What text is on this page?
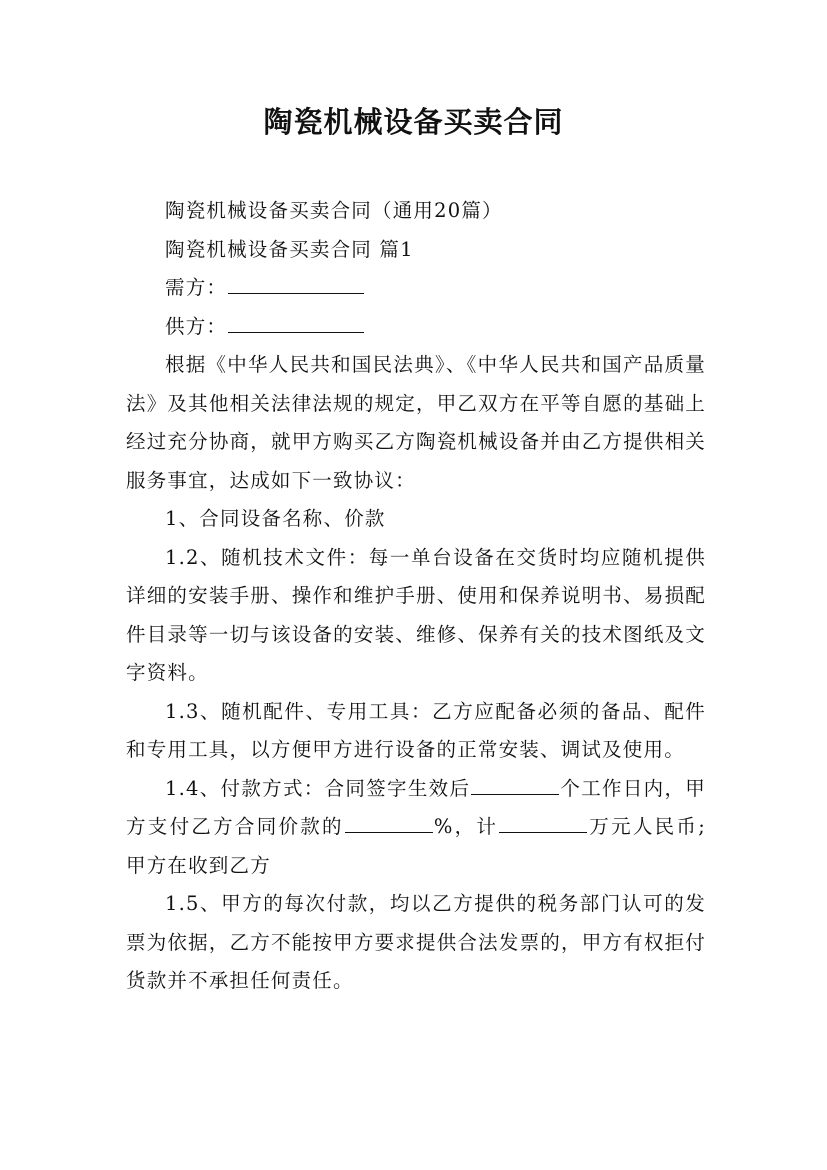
陶瓷机械设备买卖合同

陶瓷机械设备买卖合同（通用20篇）

陶瓷机械设备买卖合同 篇1

需方：

供方：

根据《中华人民共和国民法典》、《中华人民共和国产品质量法》及其他相关法律法规的规定，甲乙双方在平等自愿的基础上经过充分协商，就甲方购买乙方陶瓷机械设备并由乙方提供相关服务事宜，达成如下一致协议：

1、合同设备名称、价款

1.2、随机技术文件：每一单台设备在交货时均应随机提供详细的安装手册、操作和维护手册、使用和保养说明书、易损配件目录等一切与该设备的安装、维修、保养有关的技术图纸及文字资料。

1.3、随机配件、专用工具：乙方应配备必须的备品、配件和专用工具，以方便甲方进行设备的正常安装、调试及使用。

1.4、付款方式：合同签字生效后	个工作日内，甲方支付乙方合同价款的	%，计	万元人民币;甲方在收到乙方

1.5、甲方的每次付款，均以乙方提供的税务部门认可的发票为依据，乙方不能按甲方要求提供合法发票的，甲方有权拒付货款并不承担任何责任。
